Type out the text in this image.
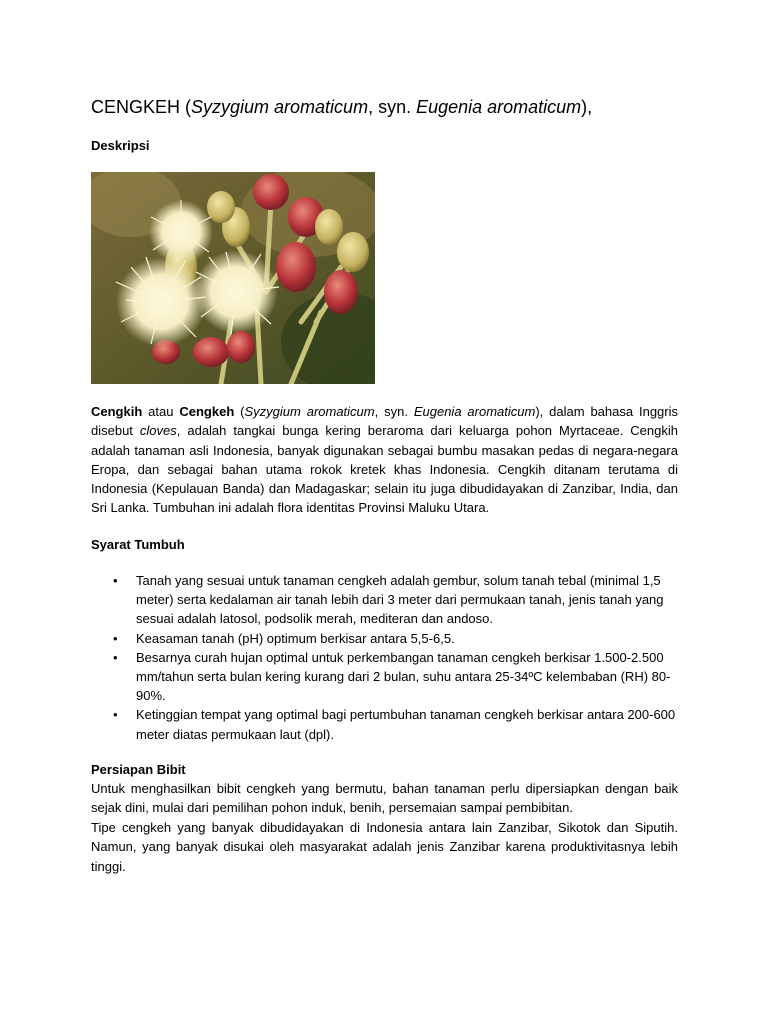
CENGKEH (Syzygium aromaticum, syn. Eugenia aromaticum),
Deskripsi

Cengkih atau Cengkeh (Syzygium aromaticum, syn. Eugenia aromaticum), dalam bahasa Inggris disebut cloves, adalah tangkai bunga kering beraroma dari keluarga pohon Myrtaceae. Cengkih adalah tanaman asli Indonesia, banyak digunakan sebagai bumbu masakan pedas di negara-negara Eropa, dan sebagai bahan utama rokok kretek khas Indonesia. Cengkih ditanam terutama di Indonesia (Kepulauan Banda) dan Madagaskar; selain itu juga dibudidayakan di Zanzibar, India, dan Sri Lanka. Tumbuhan ini adalah flora identitas Provinsi Maluku Utara.

Syarat Tumbuh
• Tanah yang sesuai untuk tanaman cengkeh adalah gembur, solum tanah tebal (minimal 1,5 meter) serta kedalaman air tanah lebih dari 3 meter dari permukaan tanah, jenis tanah yang sesuai adalah latosol, podsolik merah, mediteran dan andoso.
• Keasaman tanah (pH) optimum berkisar antara 5,5-6,5.
• Besarnya curah hujan optimal untuk perkembangan tanaman cengkeh berkisar 1.500-2.500 mm/tahun serta bulan kering kurang dari 2 bulan, suhu antara 25-34ºC kelembaban (RH) 80-90%.
• Ketinggian tempat yang optimal bagi pertumbuhan tanaman cengkeh berkisar antara 200-600 meter diatas permukaan laut (dpl).
Persiapan Bibit

Untuk menghasilkan bibit cengkeh yang bermutu, bahan tanaman perlu dipersiapkan dengan baik sejak dini, mulai dari pemilihan pohon induk, benih, persemaian sampai pembibitan.

Tipe cengkeh yang banyak dibudidayakan di Indonesia antara lain Zanzibar, Sikotok dan Siputih. Namun, yang banyak disukai oleh masyarakat adalah jenis Zanzibar karena produktivitasnya lebih tinggi.
